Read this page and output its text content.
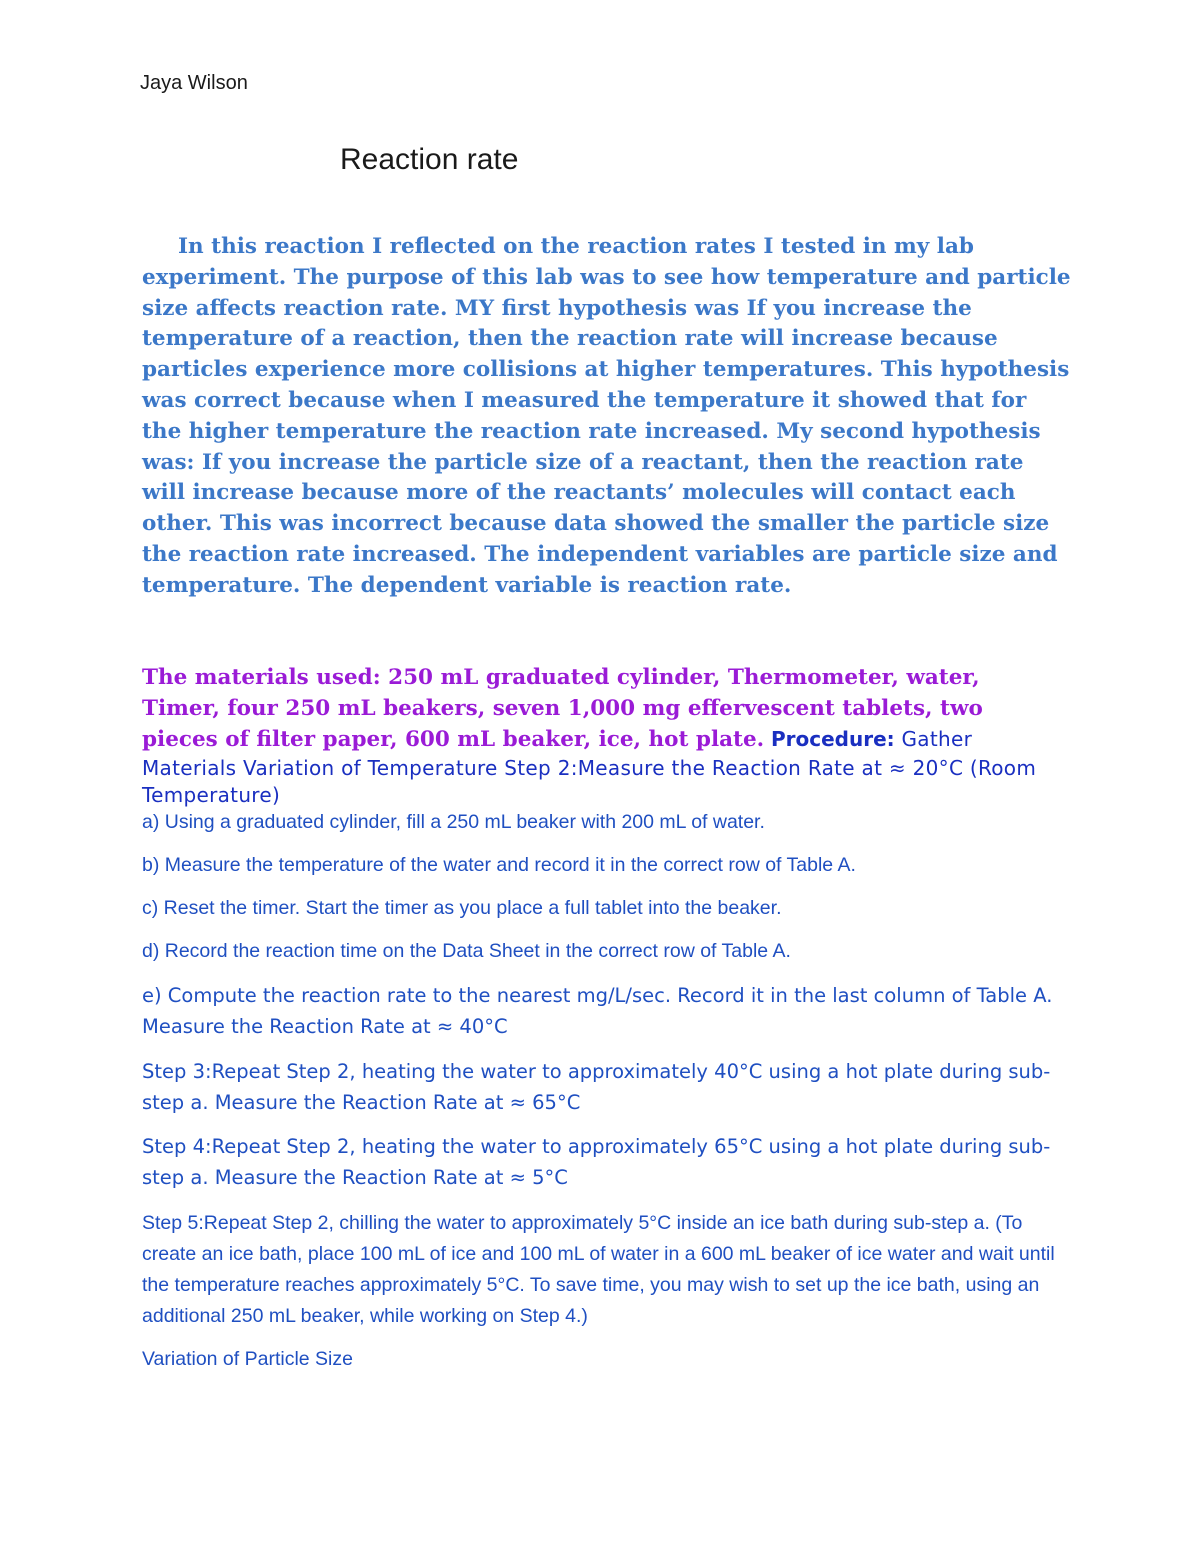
Jaya Wilson
Reaction rate

In this reaction I reflected on the reaction rates I tested in my lab experiment. The purpose of this lab was to see how temperature and particle size affects reaction rate. MY first hypothesis was If you increase the temperature of a reaction, then the reaction rate will increase because particles experience more collisions at higher temperatures. This hypothesis was correct because when I measured the temperature it showed that for the higher temperature the reaction rate increased. My second hypothesis was: If you increase the particle size of a reactant, then the reaction rate will increase because more of the reactants’ molecules will contact each other. This was incorrect because data showed the smaller the particle size the reaction rate increased. The independent variables are particle size and temperature. The dependent variable is reaction rate.

The materials used: 250 mL graduated cylinder, Thermometer, water, Timer, four 250 mL beakers, seven 1,000 mg effervescent tablets, two pieces of filter paper, 600 mL beaker, ice, hot plate. Procedure: Gather

Materials Variation of Temperature Step 2:Measure the Reaction Rate at ≈ 20°C (Room Temperature)

a) Using a graduated cylinder, fill a 250 mL beaker with 200 mL of water.

b) Measure the temperature of the water and record it in the correct row of Table A.

c) Reset the timer. Start the timer as you place a full tablet into the beaker.

d) Record the reaction time on the Data Sheet in the correct row of Table A.

e) Compute the reaction rate to the nearest mg/L/sec. Record it in the last column of Table A. Measure the Reaction Rate at ≈ 40°C

Step 3:Repeat Step 2, heating the water to approximately 40°C using a hot plate during sub-step a. Measure the Reaction Rate at ≈ 65°C

Step 4:Repeat Step 2, heating the water to approximately 65°C using a hot plate during sub-step a. Measure the Reaction Rate at ≈ 5°C

Step 5:Repeat Step 2, chilling the water to approximately 5°C inside an ice bath during sub-step a. (To create an ice bath, place 100 mL of ice and 100 mL of water in a 600 mL beaker of ice water and wait until the temperature reaches approximately 5°C. To save time, you may wish to set up the ice bath, using an additional 250 mL beaker, while working on Step 4.)

Variation of Particle Size
